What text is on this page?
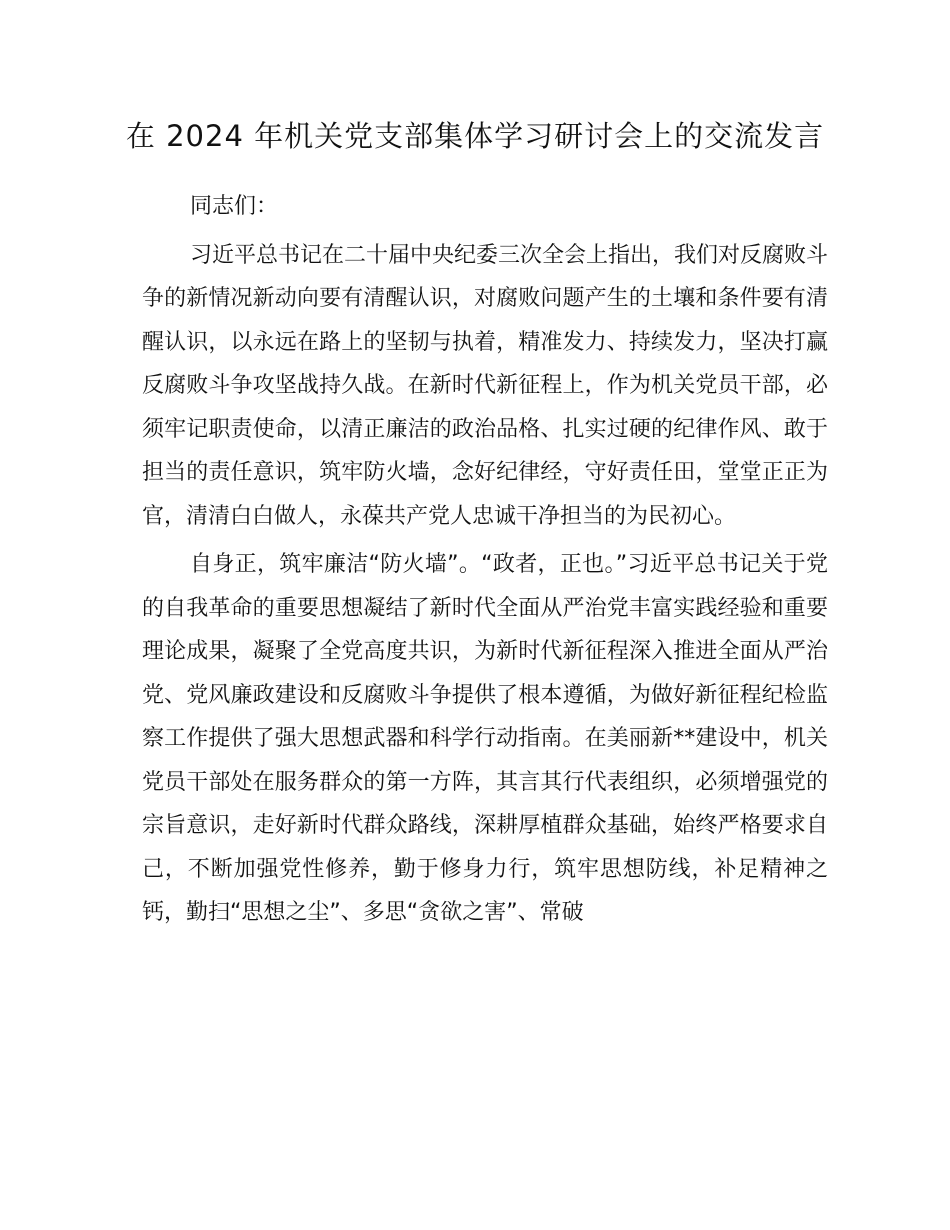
在 2024 年机关党支部集体学习研讨会上的交流发言

同志们：

习近平总书记在二十届中央纪委三次全会上指出，我们对反腐败斗争的新情况新动向要有清醒认识，对腐败问题产生的土壤和条件要有清醒认识，以永远在路上的坚韧与执着，精准发力、持续发力，坚决打赢反腐败斗争攻坚战持久战。在新时代新征程上，作为机关党员干部，必须牢记职责使命，以清正廉洁的政治品格、扎实过硬的纪律作风、敢于担当的责任意识，筑牢防火墙，念好纪律经，守好责任田，堂堂正正为官，清清白白做人，永葆共产党人忠诚干净担当的为民初心。

自身正，筑牢廉洁“防火墙”。“政者，正也。”习近平总书记关于党的自我革命的重要思想凝结了新时代全面从严治党丰富实践经验和重要理论成果，凝聚了全党高度共识，为新时代新征程深入推进全面从严治党、党风廉政建设和反腐败斗争提供了根本遵循，为做好新征程纪检监察工作提供了强大思想武器和科学行动指南。在美丽新**建设中，机关党员干部处在服务群众的第一方阵，其言其行代表组织，必须增强党的宗旨意识，走好新时代群众路线，深耕厚植群众基础，始终严格要求自己，不断加强党性修养，勤于修身力行，筑牢思想防线，补足精神之钙，勤扫“思想之尘”、多思“贪欲之害”、常破
